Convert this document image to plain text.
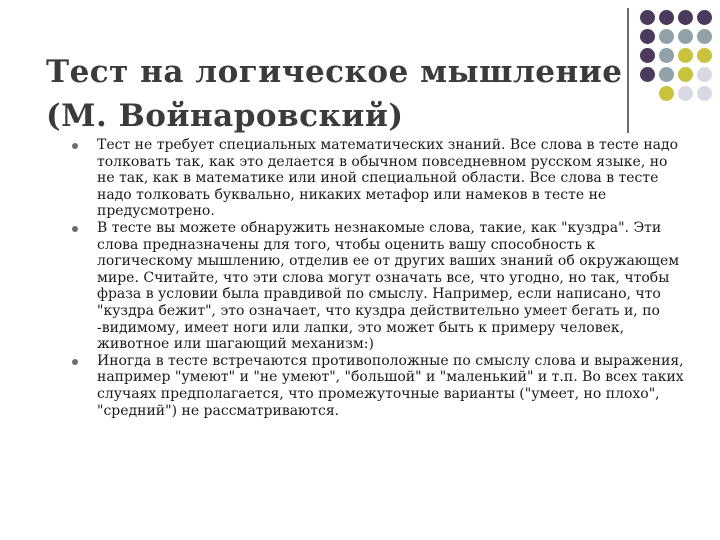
Тест на логическое мышление
(М. Войнаровский)
Тест не требует специальных математических знаний. Все слова в тесте надо толковать так, как это делается в обычном повседневном русском языке, но не так, как в математике или иной специальной области. Все слова в тесте надо толковать буквально, никаких метафор или намеков в тесте не предусмотрено.
В тесте вы можете обнаружить незнакомые слова, такие, как "куздра". Эти слова предназначены для того, чтобы оценить вашу способность к логическому мышлению, отделив ее от других ваших знаний об окружающем мире. Считайте, что эти слова могут означать все, что угодно, но так, чтобы фраза в условии была правдивой по смыслу. Например, если написано, что "куздра бежит", это означает, что куздра действительно умеет бегать и, по -видимому, имеет ноги или лапки, это может быть к примеру человек, животное или шагающий механизм:)
Иногда в тесте встречаются противоположные по смыслу слова и выражения, например "умеют" и "не умеют", "большой" и "маленький" и т.п. Во всех таких случаях предполагается, что промежуточные варианты ("умеет, но плохо", "средний") не рассматриваются.
